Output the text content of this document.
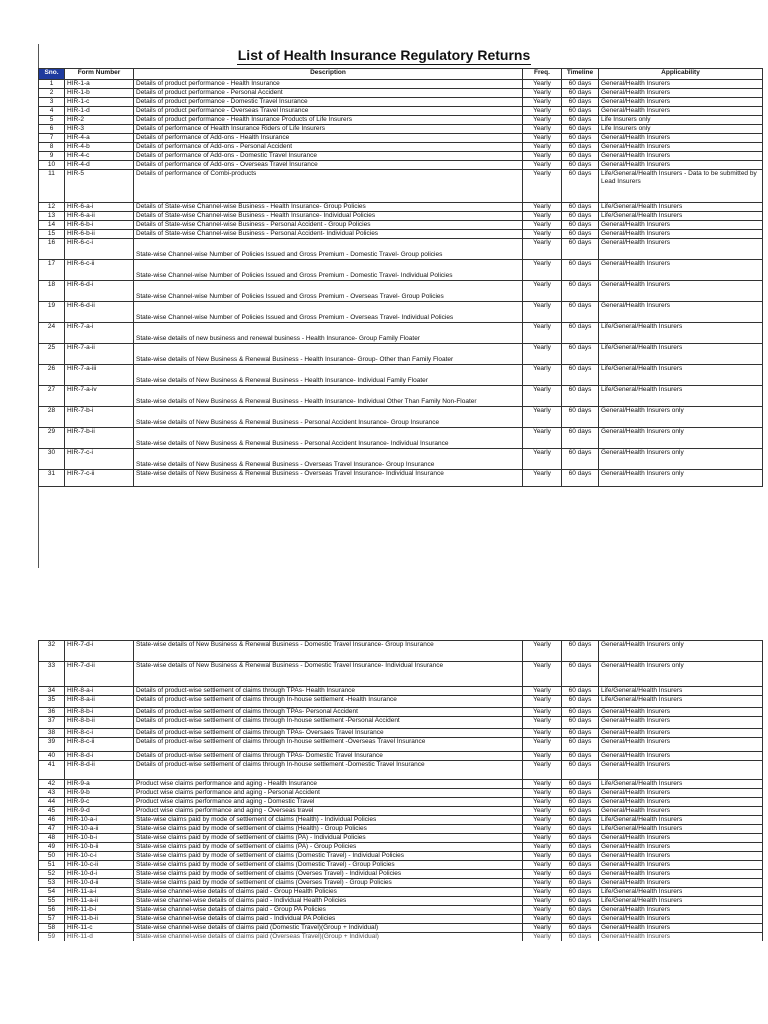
List of Health Insurance Regulatory Returns
Sno.	Form Number	Description	Freq.	Timeline	Applicability
1	HIR-1-a	Details of product performance - Health Insurance	Yearly	60 days	General/Health Insurers
2	HIR-1-b	Details of product performance - Personal Accident	Yearly	60 days	General/Health Insurers
3	HIR-1-c	Details of product performance - Domestic Travel Insurance	Yearly	60 days	General/Health Insurers
4	HIR-1-d	Details of product performance - Overseas Travel Insurance	Yearly	60 days	General/Health Insurers
5	HIR-2	Details of product performance - Health Insurance Products of Life Insurers	Yearly	60 days	Life Insurers only
6	HIR-3	Details of performance of Health Insurance Riders of Life Insurers	Yearly	60 days	Life Insurers only
7	HIR-4-a	Details of performance of Add-ons - Health Insurance	Yearly	60 days	General/Health Insurers
8	HIR-4-b	Details of performance of Add-ons - Personal Accident	Yearly	60 days	General/Health Insurers
9	HIR-4-c	Details of performance of Add-ons - Domestic Travel Insurance	Yearly	60 days	General/Health Insurers
10	HIR-4-d	Details of performance of Add-ons - Overseas Travel Insurance	Yearly	60 days	General/Health Insurers
11	HIR-5	Details of performance of Combi-products	Yearly	60 days	Life/General/Health Insurers - Data to be submitted by Lead Insurers
12	HIR-6-a-i	Details of State-wise Channel-wise Business - Health Insurance- Group Policies	Yearly	60 days	Life/General/Health Insurers
13	HIR-6-a-ii	Details of State-wise Channel-wise Business - Health Insurance- Individual Policies	Yearly	60 days	Life/General/Health Insurers
14	HIR-6-b-i	Details of State-wise Channel-wise Business - Personal Accident - Group Policies	Yearly	60 days	General/Health Insurers
15	HIR-6-b-ii	Details of State-wise Channel-wise Business - Personal Accident- Individual Policies	Yearly	60 days	General/Health Insurers
16	HIR-6-c-i	State-wise Channel-wise Number of Policies Issued and Gross Premium - Domestic Travel- Group policies	Yearly	60 days	General/Health Insurers
17	HIR-6-c-ii	State-wise Channel-wise Number of Policies Issued and Gross Premium - Domestic Travel- Individual Policies	Yearly	60 days	General/Health Insurers
18	HIR-6-d-i	State-wise Channel-wise Number of Policies Issued and Gross Premium - Overseas Travel- Group Policies	Yearly	60 days	General/Health Insurers
19	HIR-6-d-ii	State-wise Channel-wise Number of Policies Issued and Gross Premium - Overseas Travel- Individual Policies	Yearly	60 days	General/Health Insurers
24	HIR-7-a-i	State-wise details of new business and renewal business - Health Insurance- Group Family Floater	Yearly	60 days	Life/General/Health Insurers
25	HIR-7-a-ii	State-wise details of New Business & Renewal Business - Health Insurance- Group- Other than Family Floater	Yearly	60 days	Life/General/Health Insurers
26	HIR-7-a-iii	State-wise details of New Business & Renewal Business - Health Insurance- Individual Family Floater	Yearly	60 days	Life/General/Health Insurers
27	HIR-7-a-iv	State-wise details of New Business & Renewal Business - Health Insurance- Individual Other Than Family Non-Floater	Yearly	60 days	Life/General/Health Insurers
28	HIR-7-b-i	State-wise details of New Business & Renewal Business - Personal Accident Insurance- Group Insurance	Yearly	60 days	General/Health Insurers only
29	HIR-7-b-ii	State-wise details of New Business & Renewal Business - Personal Accident Insurance- Individual Insurance	Yearly	60 days	General/Health Insurers only
30	HIR-7-c-i	State-wise details of New Business & Renewal Business - Overseas Travel Insurance- Group Insurance	Yearly	60 days	General/Health Insurers only
31	HIR-7-c-ii	State-wise details of New Business & Renewal Business - Overseas Travel Insurance- Individual Insurance	Yearly	60 days	General/Health Insurers only
32	HIR-7-d-i	State-wise details of New Business & Renewal Business - Domestic Travel Insurance- Group Insurance	Yearly	60 days	General/Health Insurers only
33	HIR-7-d-ii	State-wise details of New Business & Renewal Business - Domestic Travel Insurance- Individual Insurance	Yearly	60 days	General/Health Insurers only
34	HIR-8-a-i	Details of product-wise settlement of claims through TPAs- Health Insurance	Yearly	60 days	Life/General/Health Insurers
35	HIR-8-a-ii	Details of product-wise settlement of claims through In-house settlement -Health Insurance	Yearly	60 days	Life/General/Health Insurers
36	HIR-8-b-i	Details of product-wise settlement of claims through TPAs- Personal Accident	Yearly	60 days	General/Health Insurers
37	HIR-8-b-ii	Details of product-wise settlement of claims through In-house settlement -Personal Accident	Yearly	60 days	General/Health Insurers
38	HIR-8-c-i	Details of product-wise settlement of claims through TPAs- Oversaes Travel Insurance	Yearly	60 days	General/Health Insurers
39	HIR-8-c-ii	Details of product-wise settlement of claims through In-house settlement -Overseas Travel Insurance	Yearly	60 days	General/Health Insurers
40	HIR-8-d-i	Details of product-wise settlement of claims through TPAs- Domestic Travel Insurance	Yearly	60 days	General/Health Insurers
41	HIR-8-d-ii	Details of product-wise settlement of claims through In-house settlement -Domestic Travel Insurance	Yearly	60 days	General/Health Insurers
42	HIR-9-a	Product wise claims performance and aging - Health Insurance	Yearly	60 days	Life/General/Health Insurers
43	HIR-9-b	Product wise claims performance and aging - Personal Accident	Yearly	60 days	General/Health Insurers
44	HIR-9-c	Product wise claims performance and aging - Domestic Travel	Yearly	60 days	General/Health Insurers
45	HIR-9-d	Product wise claims performance and aging - Overseas travel	Yearly	60 days	General/Health Insurers
46	HIR-10-a-i	State-wise claims paid by mode of settlement of claims (Health) - Individual Policies	Yearly	60 days	Life/General/Health Insurers
47	HIR-10-a-ii	State-wise claims paid by mode of settlement of claims (Health) - Group Policies	Yearly	60 days	Life/General/Health Insurers
48	HIR-10-b-i	State-wise claims paid by mode of settlement of claims (PA) - Individual Policies	Yearly	60 days	General/Health Insurers
49	HIR-10-b-ii	State-wise claims paid by mode of settlement of claims (PA) - Group Policies	Yearly	60 days	General/Health Insurers
50	HIR-10-c-i	State-wise claims paid by mode of settlement of claims (Domestic Travel) - Individual Policies	Yearly	60 days	General/Health Insurers
51	HIR-10-c-ii	State-wise claims paid by mode of settlement of claims (Domestic Travel) - Group Policies	Yearly	60 days	General/Health Insurers
52	HIR-10-d-i	State-wise claims paid by mode of settlement of claims (Overses Travel) - Individual Policies	Yearly	60 days	General/Health Insurers
53	HIR-10-d-ii	State-wise claims paid by mode of settlement of claims (Overses Travel) - Group Policies	Yearly	60 days	General/Health Insurers
54	HIR-11-a-i	State-wise channel-wise details of claims paid - Group Health Policies	Yearly	60 days	Life/General/Health Insurers
55	HIR-11-a-ii	State-wise channel-wise details of claims paid - Individual Health Policies	Yearly	60 days	Life/General/Health Insurers
56	HIR-11-b-i	State-wise channel-wise details of claims paid - Group PA Policies	Yearly	60 days	General/Health Insurers
57	HIR-11-b-ii	State-wise channel-wise details of claims paid - Individual PA Policies	Yearly	60 days	General/Health Insurers
58	HIR-11-c	State-wise channel-wise details of claims paid (Domestic Travel)(Group + Individual)	Yearly	60 days	General/Health Insurers
59	HIR-11-d	State-wise channel-wise details of claims paid (Overseas Travel)(Group + Individual)	Yearly	60 days	General/Health Insurers
